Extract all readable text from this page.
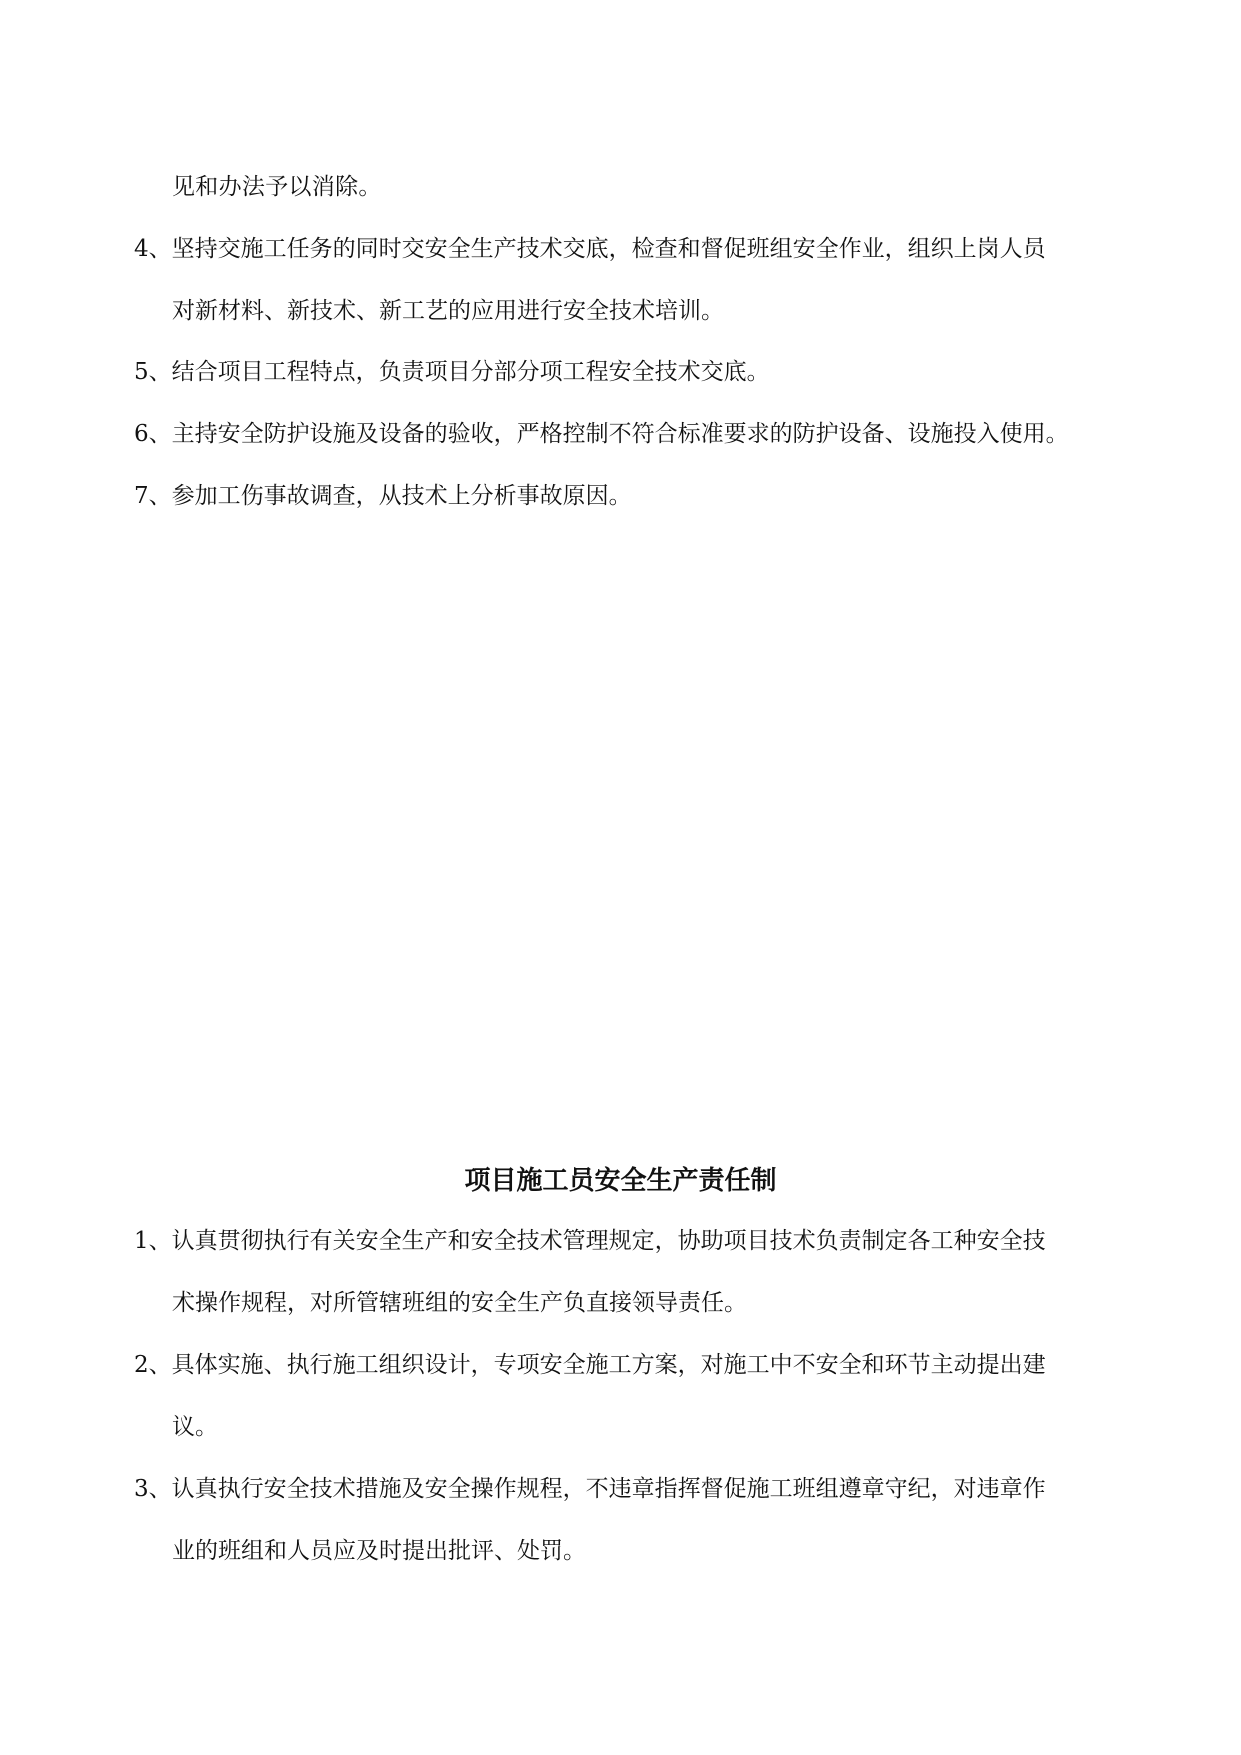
见和办法予以消除。
4、坚持交施工任务的同时交安全生产技术交底，检查和督促班组安全作业，组织上岗人员
对新材料、新技术、新工艺的应用进行安全技术培训。
5、结合项目工程特点，负责项目分部分项工程安全技术交底。
6、主持安全防护设施及设备的验收，严格控制不符合标准要求的防护设备、设施投入使用。
7、参加工伤事故调查，从技术上分析事故原因。
项目施工员安全生产责任制
1、认真贯彻执行有关安全生产和安全技术管理规定，协助项目技术负责制定各工种安全技
术操作规程，对所管辖班组的安全生产负直接领导责任。
2、具体实施、执行施工组织设计，专项安全施工方案，对施工中不安全和环节主动提出建
议。
3、认真执行安全技术措施及安全操作规程，不违章指挥督促施工班组遵章守纪，对违章作
业的班组和人员应及时提出批评、处罚。
